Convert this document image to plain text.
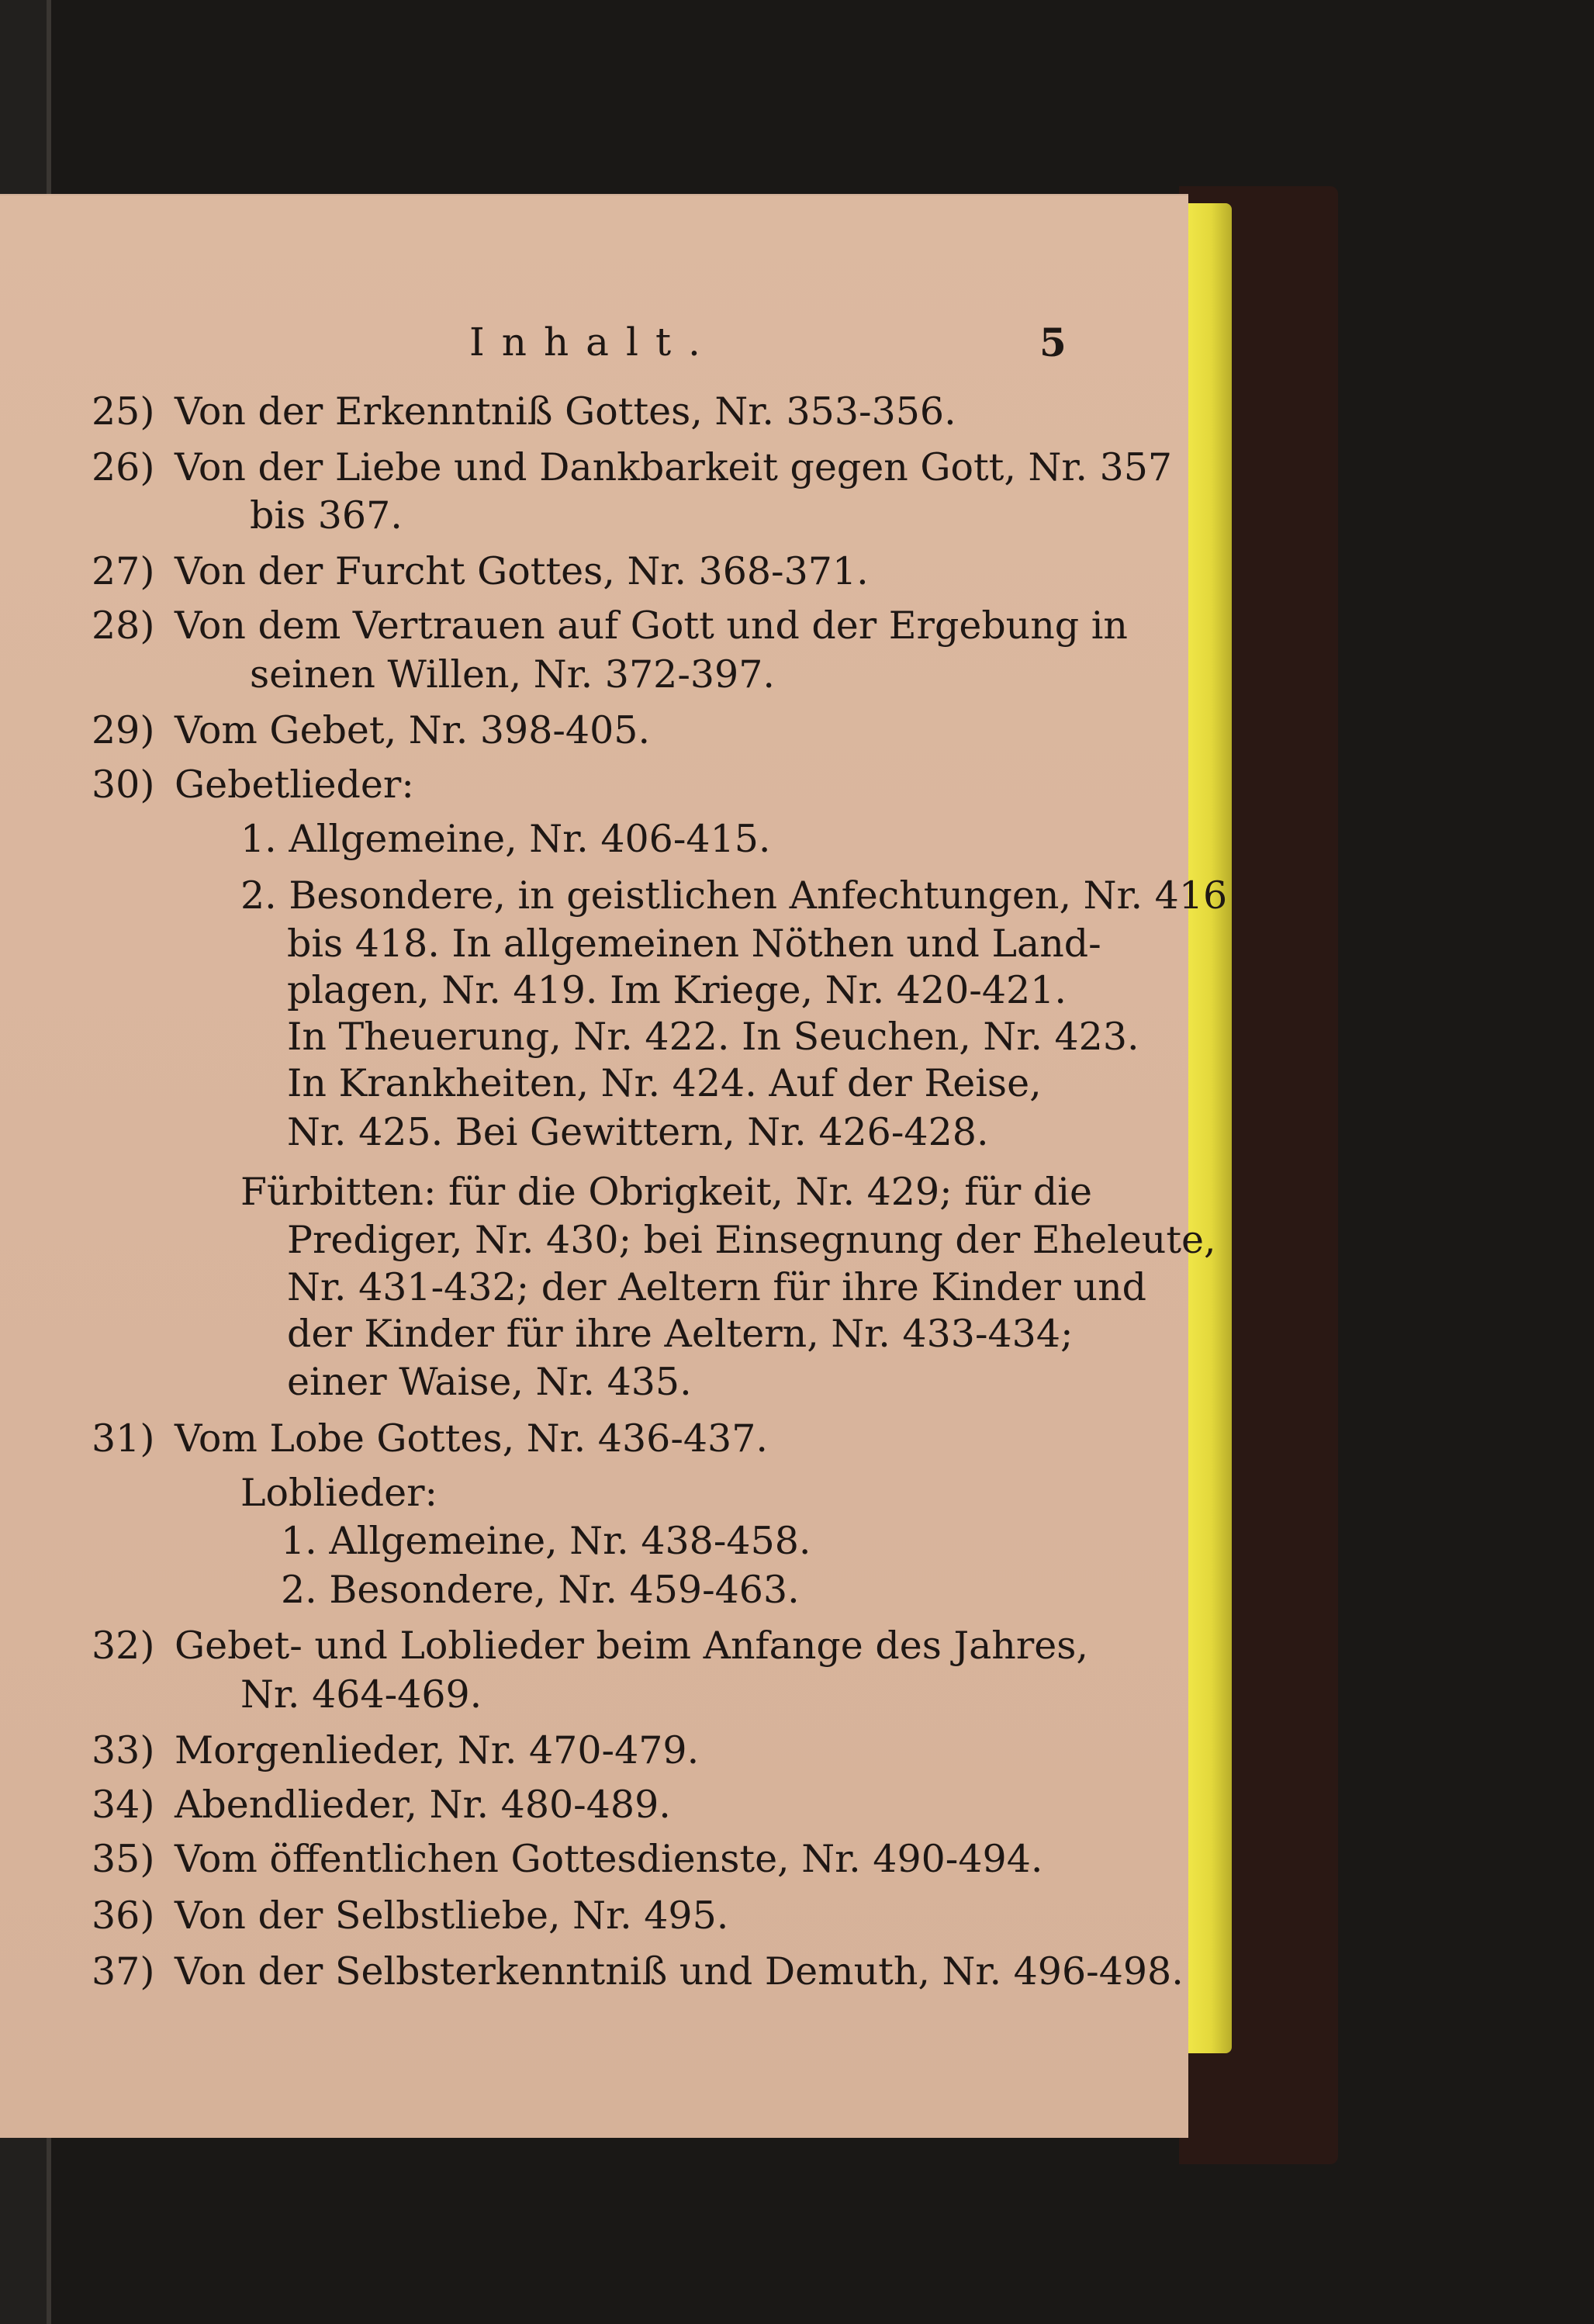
Inhalt.	5
25) Von der Erkenntniß Gottes, Nr. 353-356.
26) Von der Liebe und Dankbarkeit gegen Gott, Nr. 357
bis 367.
27) Von der Furcht Gottes, Nr. 368-371.
28) Von dem Vertrauen auf Gott und der Ergebung in
seinen Willen, Nr. 372-397.
29) Vom Gebet, Nr. 398-405.
30) Gebetlieder:
1. Allgemeine, Nr. 406-415.
2. Besondere, in geistlichen Anfechtungen, Nr. 416
bis 418. In allgemeinen Nöthen und Land-
plagen, Nr. 419. Im Kriege, Nr. 420-421.
In Theuerung, Nr. 422. In Seuchen, Nr. 423.
In Krankheiten, Nr. 424. Auf der Reise,
Nr. 425. Bei Gewittern, Nr. 426-428.
Fürbitten: für die Obrigkeit, Nr. 429; für die
Prediger, Nr. 430; bei Einsegnung der Eheleute,
Nr. 431-432; der Aeltern für ihre Kinder und
der Kinder für ihre Aeltern, Nr. 433-434;
einer Waise, Nr. 435.
31) Vom Lobe Gottes, Nr. 436-437.
Loblieder:
1. Allgemeine, Nr. 438-458.
2. Besondere, Nr. 459-463.
32) Gebet- und Loblieder beim Anfange des Jahres,
Nr. 464-469.
33) Morgenlieder, Nr. 470-479.
34) Abendlieder, Nr. 480-489.
35) Vom öffentlichen Gottesdienste, Nr. 490-494.
36) Von der Selbstliebe, Nr. 495.
37) Von der Selbsterkenntniß und Demuth, Nr. 496-498.
